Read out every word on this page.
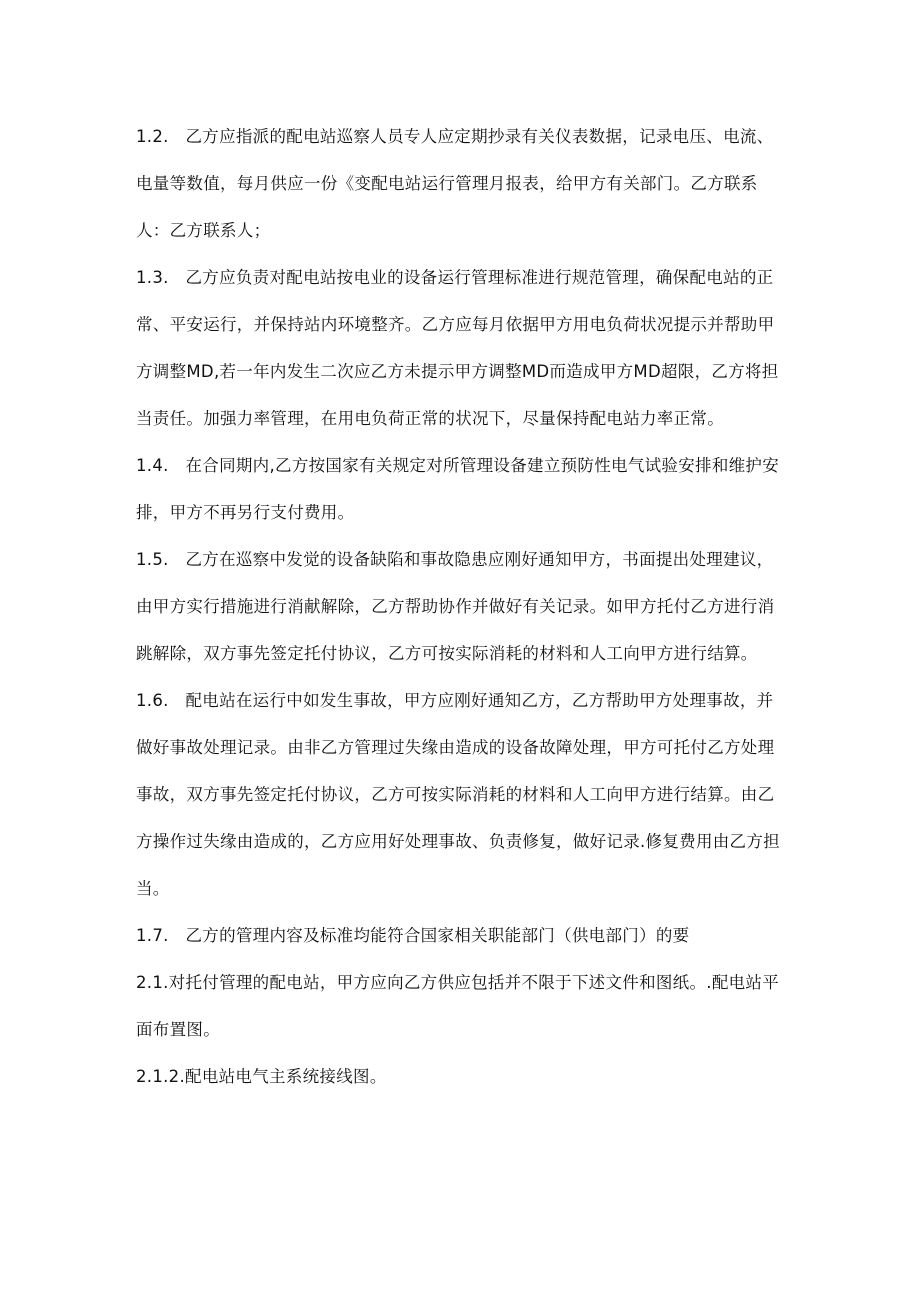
1.2. 乙方应指派的配电站巡察人员专人应定期抄录有关仪表数据，记录电压、电流、电量等数值，每月供应一份《变配电站运行管理月报表，给甲方有关部门。乙方联系人：乙方联系人；

1.3. 乙方应负责对配电站按电业的设备运行管理标准进行规范管理，确保配电站的正常、平安运行，并保持站内环境整齐。乙方应每月依据甲方用电负荷状况提示并帮助甲方调整MD,若一年内发生二次应乙方未提示甲方调整MD而造成甲方MD超限，乙方将担当责任。加强力率管理，在用电负荷正常的状况下，尽量保持配电站力率正常。

1.4. 在合同期内,乙方按国家有关规定对所管理设备建立预防性电气试验安排和维护安排，甲方不再另行支付费用。

1.5. 乙方在巡察中发觉的设备缺陷和事故隐患应刚好通知甲方，书面提出处理建议，由甲方实行措施进行消献解除，乙方帮助协作并做好有关记录。如甲方托付乙方进行消跳解除，双方事先签定托付协议，乙方可按实际消耗的材料和人工向甲方进行结算。

1.6. 配电站在运行中如发生事故，甲方应刚好通知乙方，乙方帮助甲方处理事故，并做好事故处理记录。由非乙方管理过失缘由造成的设备故障处理，甲方可托付乙方处理事故，双方事先签定托付协议，乙方可按实际消耗的材料和人工向甲方进行结算。由乙方操作过失缘由造成的，乙方应用好处理事故、负责修复，做好记录.修复费用由乙方担当。

1.7. 乙方的管理内容及标准均能符合国家相关职能部门（供电部门）的要

2.1.对托付管理的配电站，甲方应向乙方供应包括并不限于下述文件和图纸。.配电站平面布置图。

2.1.2.配电站电气主系统接线图。
